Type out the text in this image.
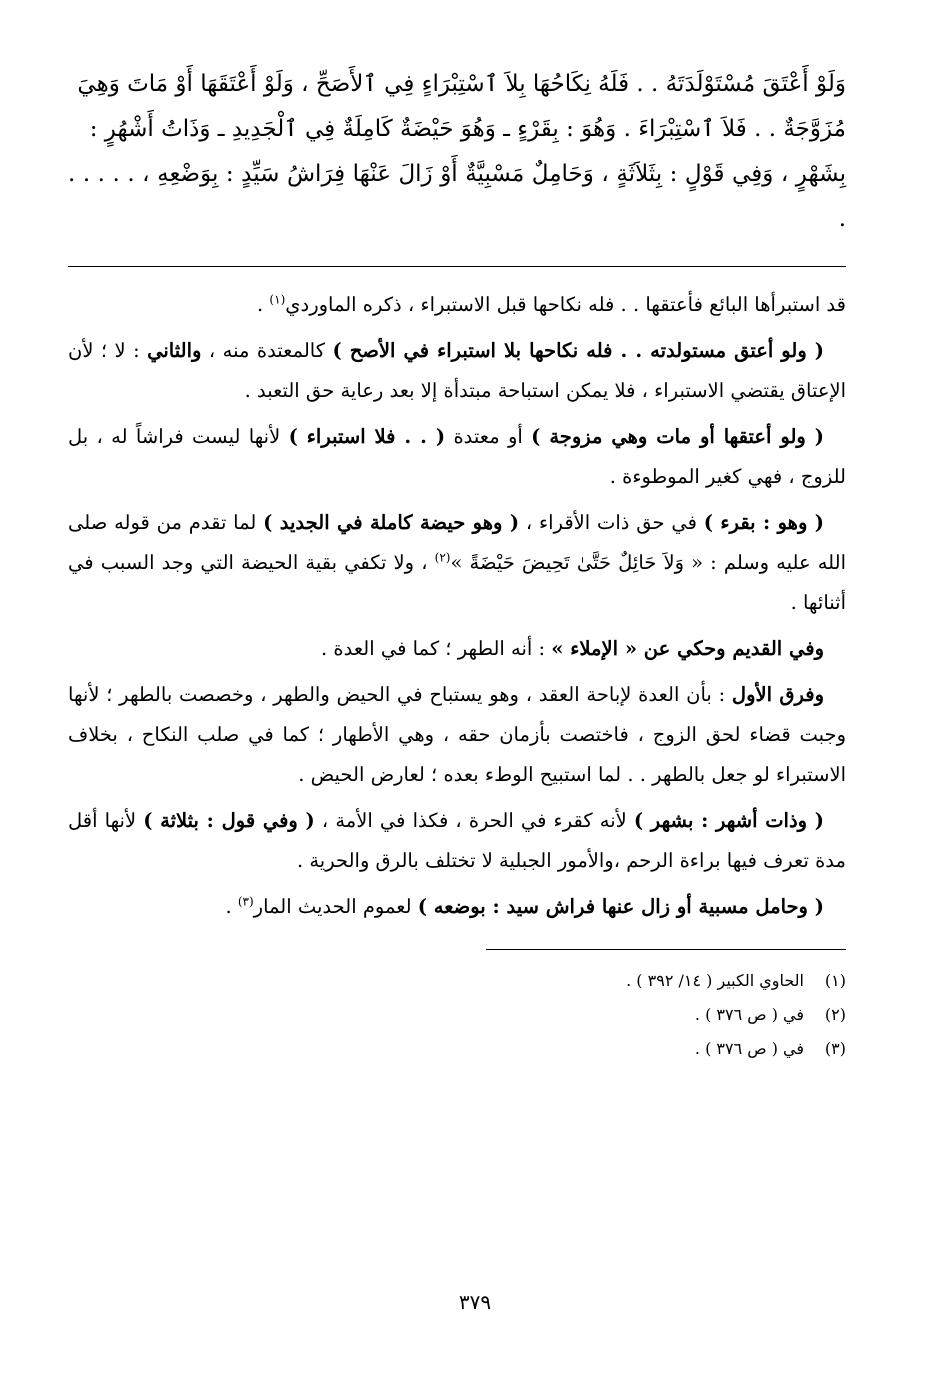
وَلَوْ أَعْتَقَ مُسْتَوْلَدَتَهُ . . فَلَهُ نِكَاحُهَا بِلاَ ٱسْتِبْرَاءٍ فِي ٱلأَصَحِّ ، وَلَوْ أَعْتَقَهَا أَوْ مَاتَ وَهِيَ

مُزَوَّجَةٌ . . فَلاَ ٱسْتِبْرَاءَ . وَهُوَ : بِقَرْءٍ ـ وَهُوَ حَيْضَةٌ كَامِلَةٌ فِي ٱلْجَدِيدِ ـ وَذَاتُ أَشْهُرٍ :

بِشَهْرٍ ، وَفِي قَوْلٍ : بِثَلاَثَةٍ ، وَحَامِلٌ مَسْبِيَّةٌ أَوْ زَالَ عَنْهَا فِرَاشُ سَيِّدٍ : بِوَضْعِهِ ، . . . . . .

قد استبرأها البائع فأعتقها . . فله نكاحها قبل الاستبراء ، ذكره الماوردي$^{(١)}$ .

( ولو أعتق مستولدته . . فله نكاحها بلا استبراء في الأصح ) كالمعتدة منه ، والثاني : لا ؛ لأن الإعتاق يقتضي الاستبراء ، فلا يمكن استباحة مبتدأة إلا بعد رعاية حق التعبد .

( ولو أعتقها أو مات وهي مزوجة ) أو معتدة ( . . فلا استبراء ) لأنها ليست فراشاً له ، بل للزوج ، فهي كغير الموطوءة .

( وهو : بقرء ) في حق ذات الأقراء ، ( وهو حيضة كاملة في الجديد ) لما تقدم من قوله صلى الله عليه وسلم : « وَلاَ حَائِلٌ حَتَّىٰ تَحِيضَ حَيْضَةً »$^{(٢)}$ ، ولا تكفي بقية الحيضة التي وجد السبب في أثنائها .

وفي القديم وحكي عن « الإملاء » : أنه الطهر ؛ كما في العدة .

وفرق الأول : بأن العدة لإباحة العقد ، وهو يستباح في الحيض والطهر ، وخصصت بالطهر ؛ لأنها وجبت قضاء لحق الزوج ، فاختصت بأزمان حقه ، وهي الأطهار ؛ كما في صلب النكاح ، بخلاف الاستبراء لو جعل بالطهر . . لما استبيح الوطء بعده ؛ لعارض الحيض .

( وذات أشهر : بشهر ) لأنه كقرء في الحرة ، فكذا في الأمة ، ( وفي قول : بثلاثة ) لأنها أقل مدة تعرف فيها براءة الرحم ،والأمور الجبلية لا تختلف بالرق والحرية .

( وحامل مسبية أو زال عنها فراش سيد : بوضعه ) لعموم الحديث المار$^{(٣)}$ .

(١)
الحاوي الكبير ( ١٤/ ٣٩٢ ) .
(٢)
في ( ص ٣٧٦ ) .
(٣)
في ( ص ٣٧٦ ) .
٣٧٩
